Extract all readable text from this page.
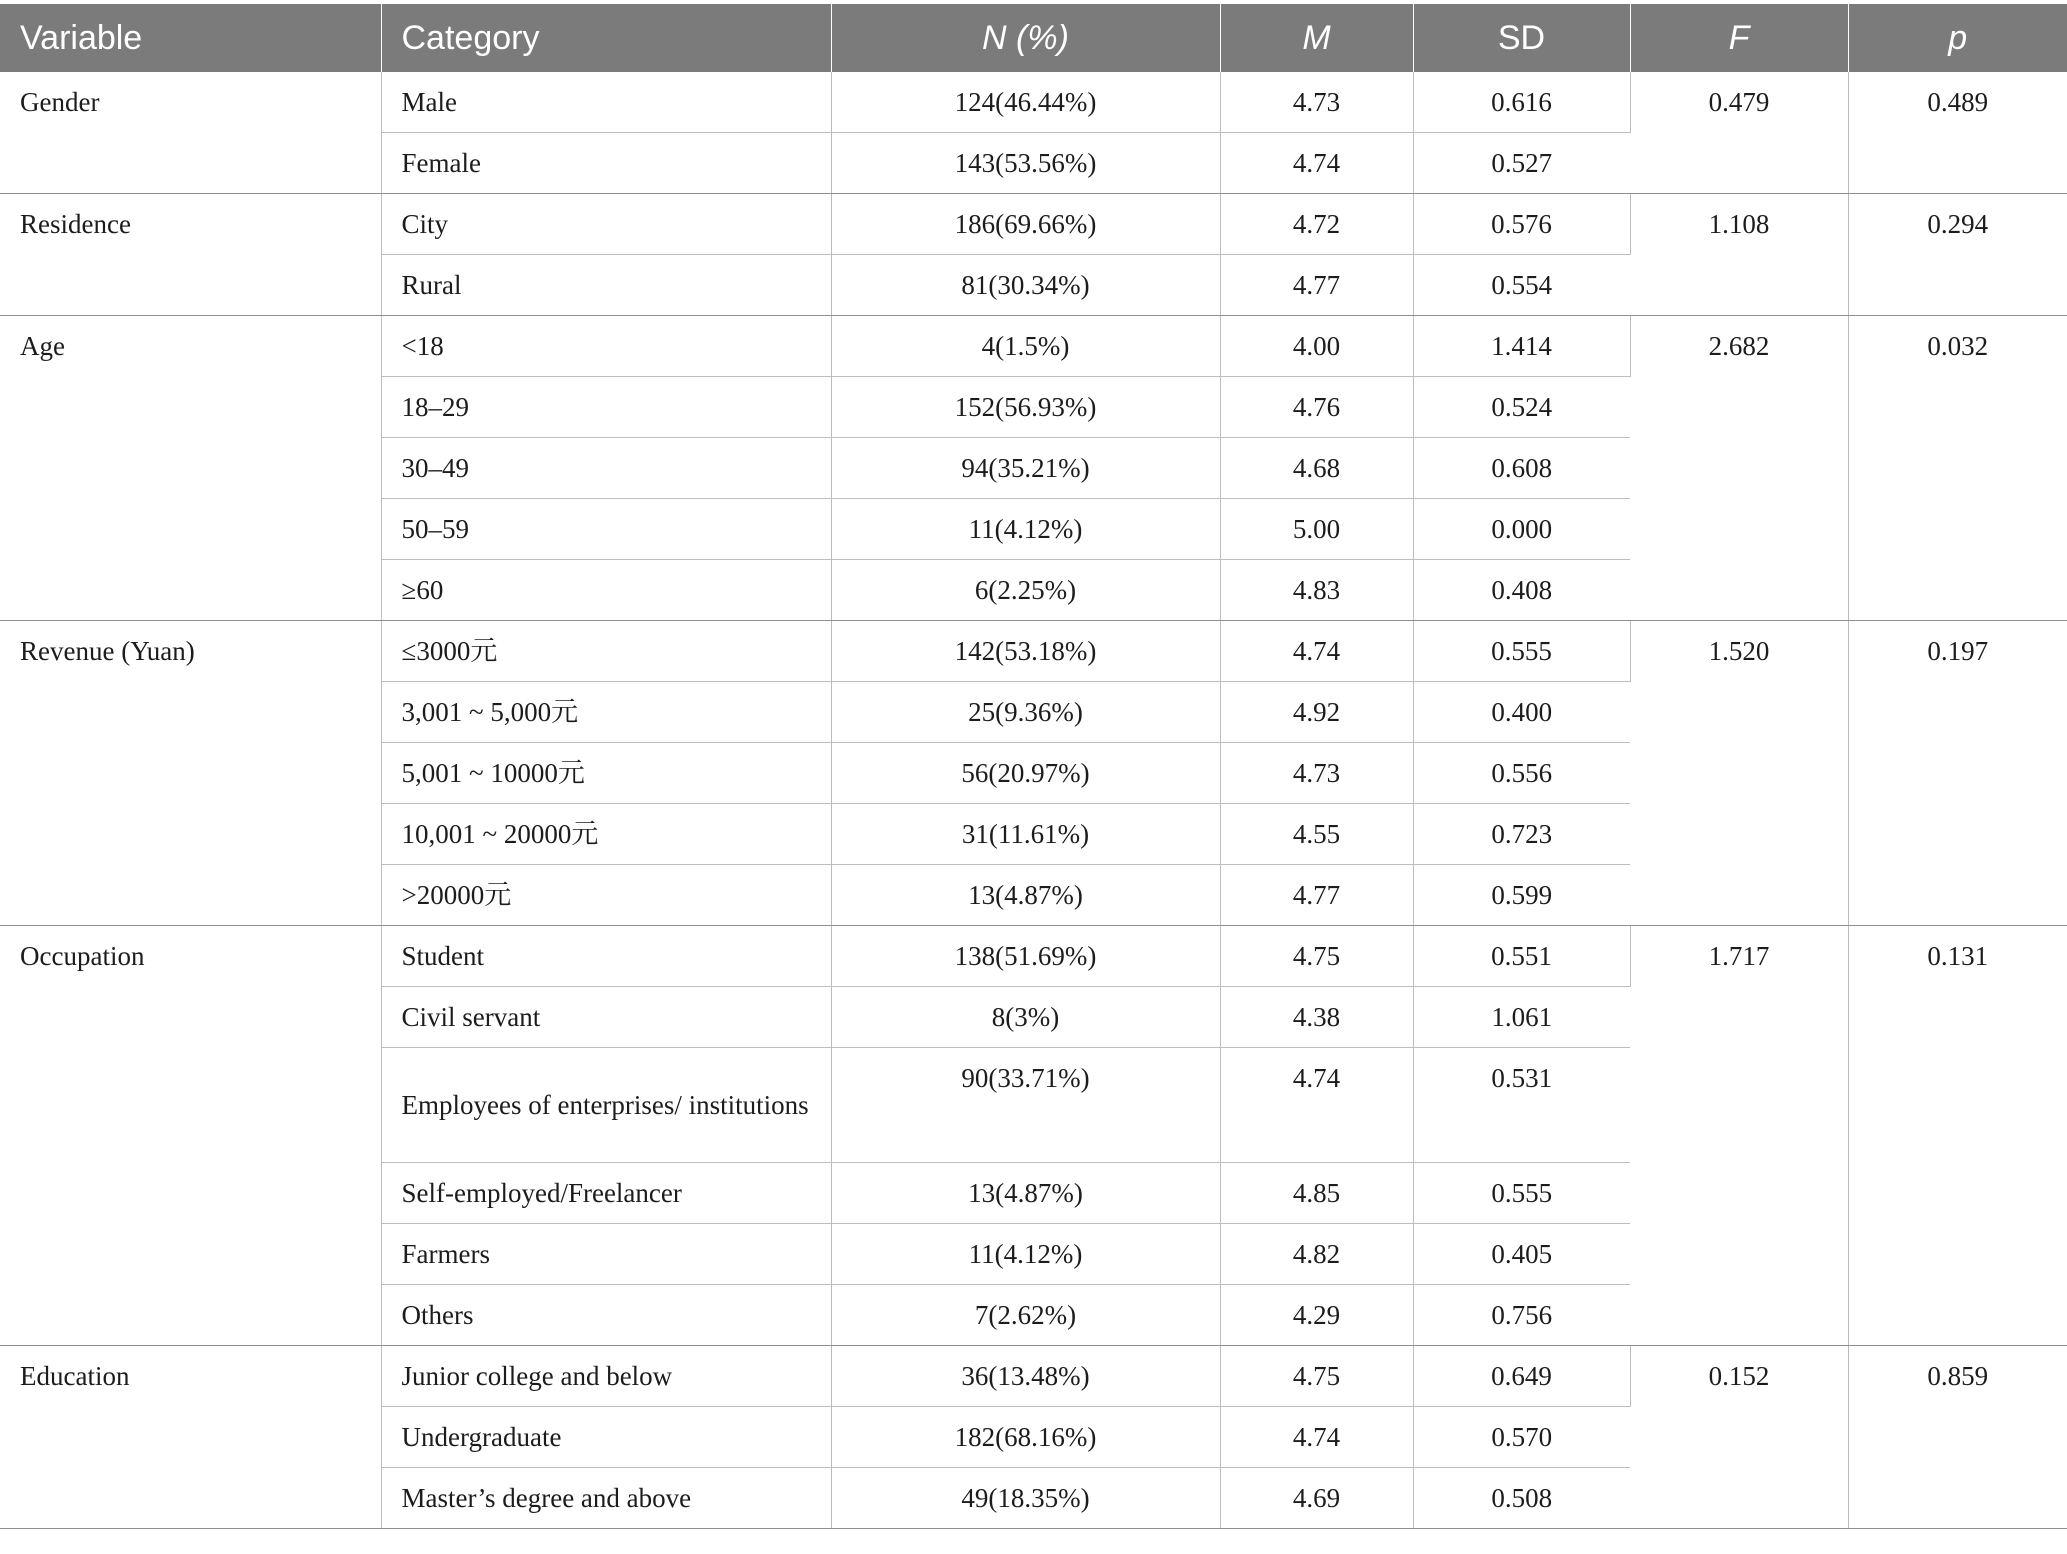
Variable	Category	N (%)	M	SD	F	p
Gender	Male	124(46.44%)	4.73	0.616	0.479	0.489
	Female	143(53.56%)	4.74	0.527		
Residence	City	186(69.66%)	4.72	0.576	1.108	0.294
	Rural	81(30.34%)	4.77	0.554		
Age	<18	4(1.5%)	4.00	1.414	2.682	0.032
	18–29	152(56.93%)	4.76	0.524		
	30–49	94(35.21%)	4.68	0.608		
	50–59	11(4.12%)	5.00	0.000		
	≥60	6(2.25%)	4.83	0.408		
Revenue (Yuan)	≤3000元	142(53.18%)	4.74	0.555	1.520	0.197
	3,001 ~ 5,000元	25(9.36%)	4.92	0.400		
	5,001 ~ 10000元	56(20.97%)	4.73	0.556		
	10,001 ~ 20000元	31(11.61%)	4.55	0.723		
	>20000元	13(4.87%)	4.77	0.599		
Occupation	Student	138(51.69%)	4.75	0.551	1.717	0.131
	Civil servant	8(3%)	4.38	1.061		
	Employees of enterprises/ institutions	90(33.71%)	4.74	0.531		
	Self-employed/Freelancer	13(4.87%)	4.85	0.555		
	Farmers	11(4.12%)	4.82	0.405		
	Others	7(2.62%)	4.29	0.756		
Education	Junior college and below	36(13.48%)	4.75	0.649	0.152	0.859
	Undergraduate	182(68.16%)	4.74	0.570		
	Master’s degree and above	49(18.35%)	4.69	0.508		
